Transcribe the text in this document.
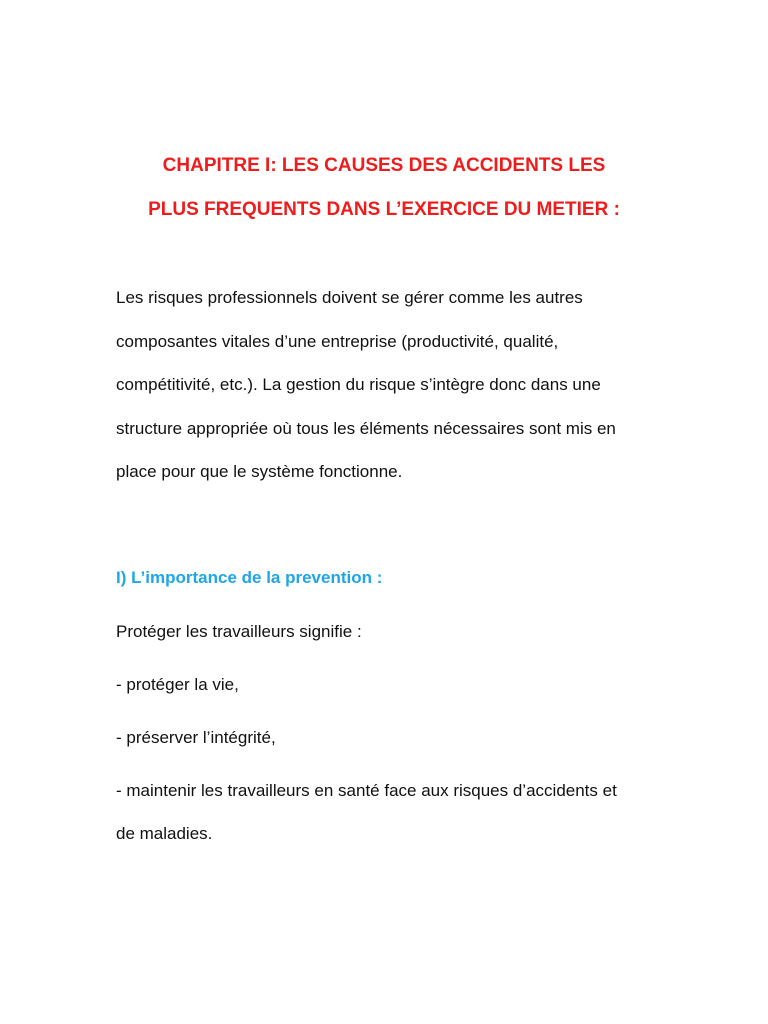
CHAPITRE I: LES CAUSES DES ACCIDENTS LES
PLUS FREQUENTS DANS L’EXERCICE DU METIER :

Les risques professionnels doivent se gérer comme les autres
composantes vitales d’une entreprise (productivité, qualité,
compétitivité, etc.). La gestion du risque s’intègre donc dans une
structure appropriée où tous les éléments nécessaires sont mis en
place pour que le système fonctionne.

I) L’importance de la prevention :

Protéger les travailleurs signifie :

- protéger la vie,

- préserver l’intégrité,

- maintenir les travailleurs en santé face aux risques d’accidents et

de maladies.
